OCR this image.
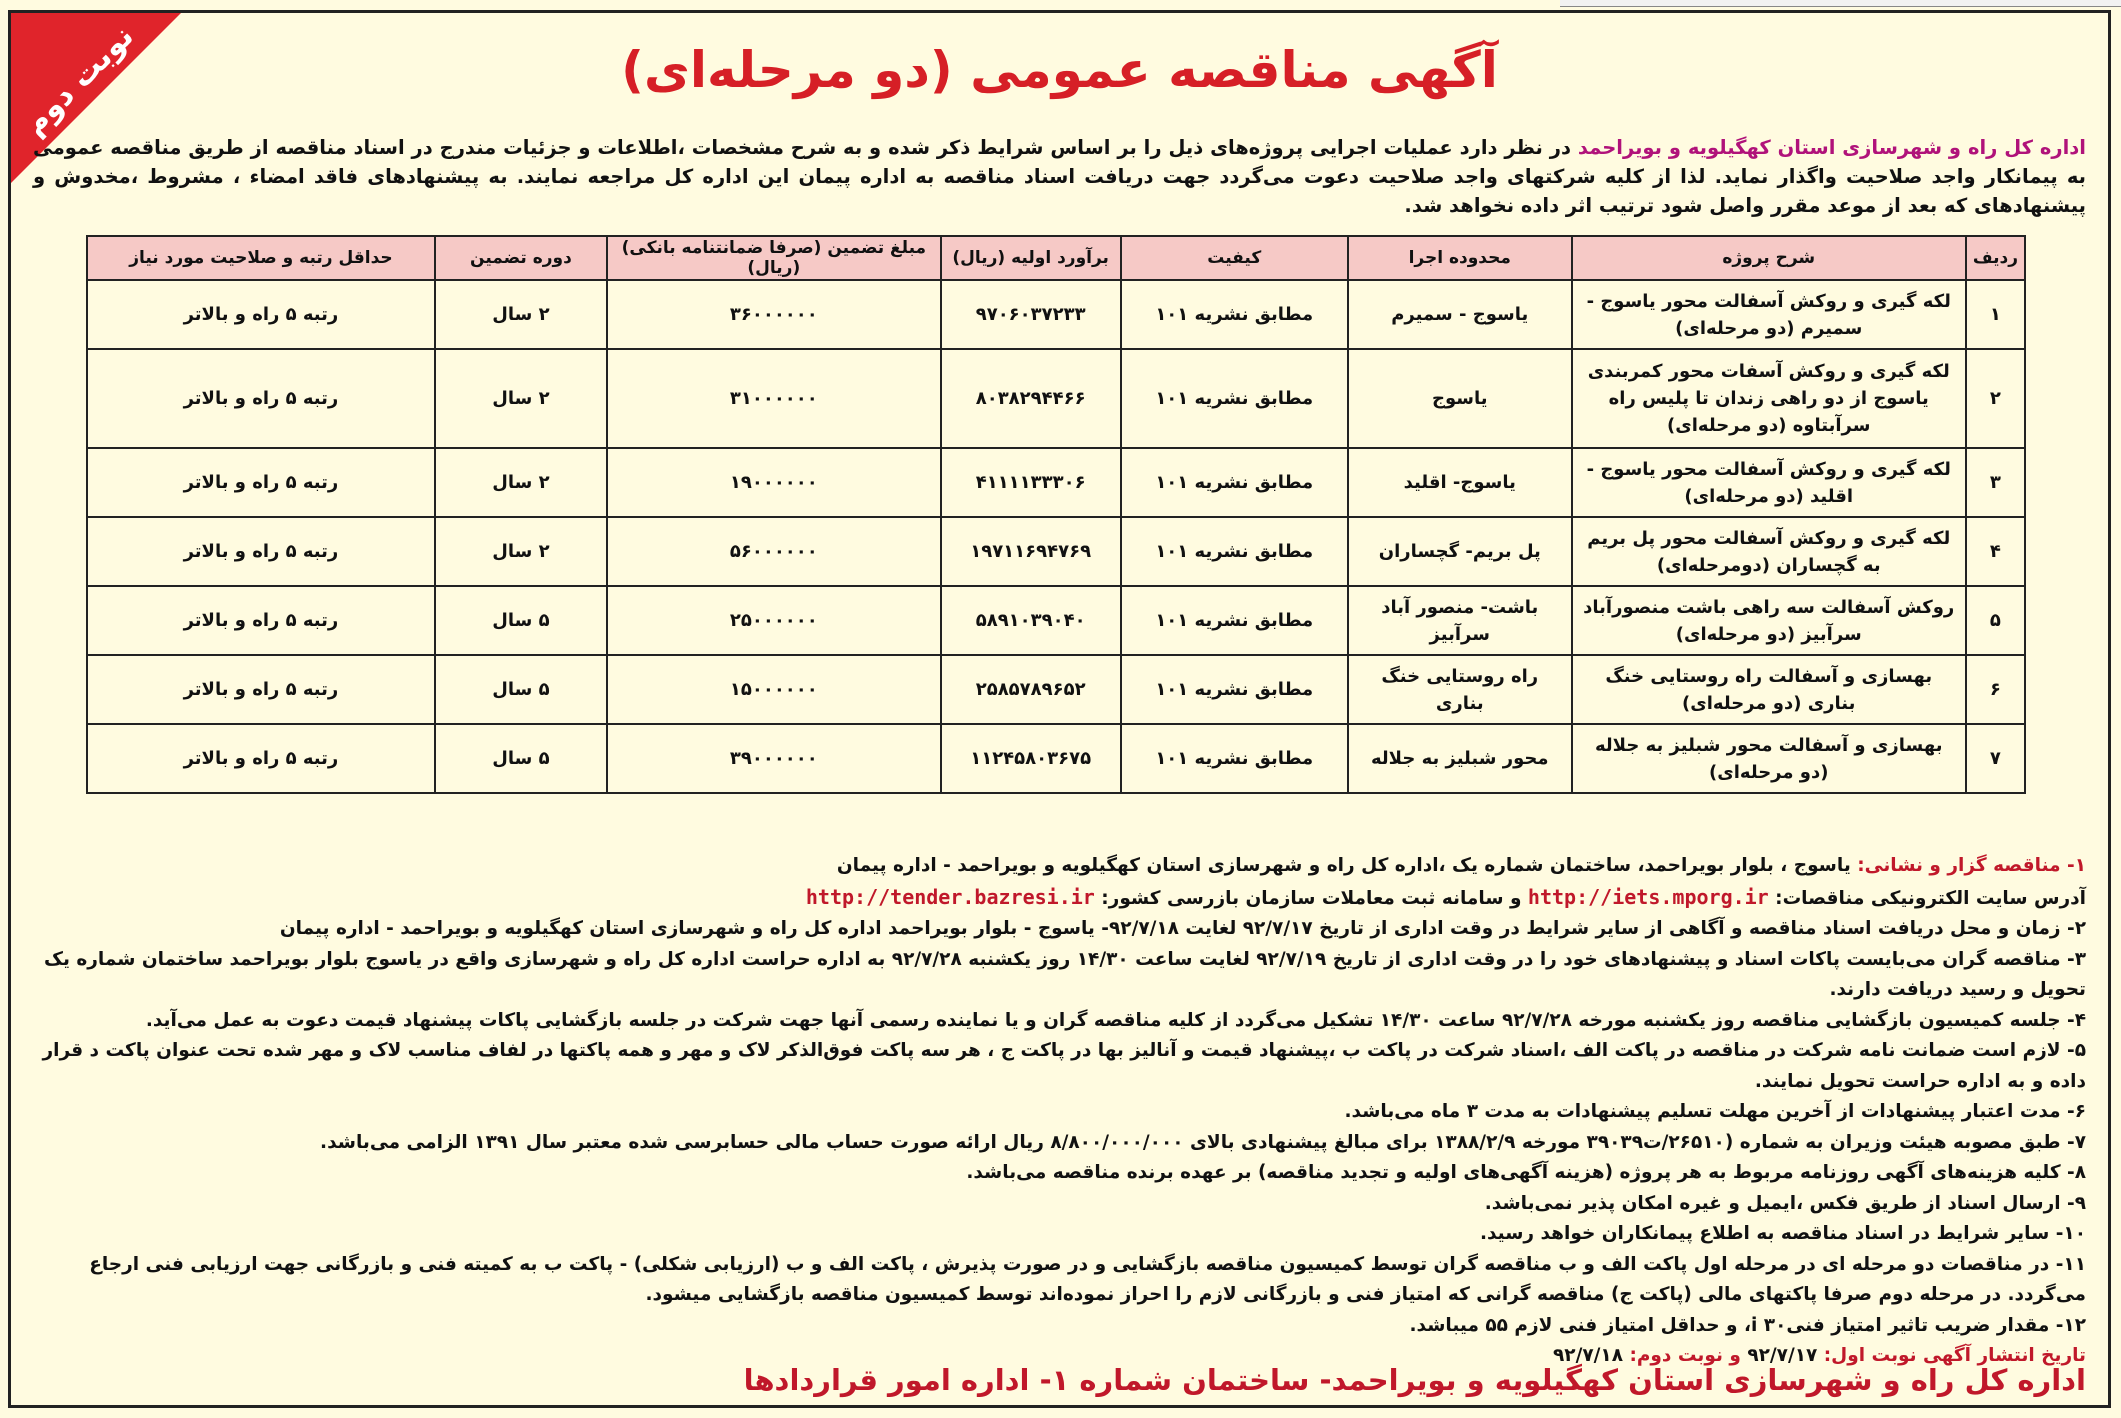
نوبت دوم	آگهی مناقصه عمومی (دو مرحله‌ای)
اداره کل راه و شهرسازی استان کهگیلویه و بویراحمد در نظر دارد عملیات اجرایی پروژه‌های ذیل را بر اساس شرایط ذکر شده و به شرح مشخصات ،اطلاعات و جزئیات مندرج در اسناد مناقصه از طریق مناقصه عمومی به پیمانکار واجد صلاحیت واگذار نماید. لذا از کلیه شرکتهای واجد صلاحیت دعوت می‌گردد جهت دریافت اسناد مناقصه به اداره پیمان این اداره کل مراجعه نمایند. به پیشنهادهای فاقد امضاء ، مشروط ،مخدوش و پیشنهادهای که بعد از موعد مقرر واصل شود ترتیب اثر داده نخواهد شد.
ردیف	شرح پروژه	محدوده اجرا	کیفیت	برآورد اولیه (ریال)	مبلغ تضمین (صرفا ضمانتنامه بانکی) (ریال)	دوره تضمین	حداقل رتبه و صلاحیت مورد نیاز
۱	لکه گیری و روکش آسفالت محور یاسوج - سمیرم (دو مرحله‌ای)	یاسوج - سمیرم	مطابق نشریه ۱۰۱	۹۷۰۶۰۳۷۲۳۳	۳۶۰۰۰۰۰۰	۲ سال	رتبه ۵ راه و بالاتر
۲	لکه گیری و روکش آسفات محور کمربندی یاسوج از دو راهی زندان تا پلیس راه سرآبتاوه (دو مرحله‌ای)	یاسوج	مطابق نشریه ۱۰۱	۸۰۳۸۲۹۴۴۶۶	۳۱۰۰۰۰۰۰	۲ سال	رتبه ۵ راه و بالاتر
۳	لکه گیری و روکش آسفالت محور یاسوج - اقلید (دو مرحله‌ای)	یاسوج- اقلید	مطابق نشریه ۱۰۱	۴۱۱۱۱۳۳۳۰۶	۱۹۰۰۰۰۰۰	۲ سال	رتبه ۵ راه و بالاتر
۴	لکه گیری و روکش آسفالت محور پل بریم به گچساران (دومرحله‌ای)	پل بریم- گچساران	مطابق نشریه ۱۰۱	۱۹۷۱۱۶۹۴۷۶۹	۵۶۰۰۰۰۰۰	۲ سال	رتبه ۵ راه و بالاتر
۵	روکش آسفالت سه راهی باشت منصورآباد سرآبیز (دو مرحله‌ای)	باشت- منصور آباد سرآبیز	مطابق نشریه ۱۰۱	۵۸۹۱۰۳۹۰۴۰	۲۵۰۰۰۰۰۰	۵ سال	رتبه ۵ راه و بالاتر
۶	بهسازی و آسفالت راه روستایی خنگ بناری (دو مرحله‌ای)	راه روستایی خنگ بناری	مطابق نشریه ۱۰۱	۲۵۸۵۷۸۹۶۵۲	۱۵۰۰۰۰۰۰	۵ سال	رتبه ۵ راه و بالاتر
۷	بهسازی و آسفالت محور شبلیز به جلاله (دو مرحله‌ای)	محور شبلیز به جلاله	مطابق نشریه ۱۰۱	۱۱۲۴۵۸۰۳۶۷۵	۳۹۰۰۰۰۰۰	۵ سال	رتبه ۵ راه و بالاتر

۱- مناقصه گزار و نشانی: یاسوج ، بلوار بویراحمد، ساختمان شماره یک ،اداره کل راه و شهرسازی استان کهگیلویه و بویراحمد - اداره پیمان

آدرس سایت الکترونیکی مناقصات: http://iets.mporg.ir و سامانه ثبت معاملات سازمان بازرسی کشور: http://tender.bazresi.ir

۲- زمان و محل دریافت اسناد مناقصه و آگاهی از سایر شرایط در وقت اداری از تاریخ ۹۲/۷/۱۷ لغایت ۹۲/۷/۱۸- یاسوج - بلوار بویراحمد اداره کل راه و شهرسازی استان کهگیلویه و بویراحمد - اداره پیمان

۳- مناقصه گران می‌بایست پاکات اسناد و پیشنهادهای خود را در وقت اداری از تاریخ ۹۲/۷/۱۹ لغایت ساعت ۱۴/۳۰ روز یکشنبه ۹۲/۷/۲۸ به اداره حراست اداره کل راه و شهرسازی واقع در یاسوج بلوار بویراحمد ساختمان شماره یک تحویل و رسید دریافت دارند.

۴- جلسه کمیسیون بازگشایی مناقصه روز یکشنبه مورخه ۹۲/۷/۲۸ ساعت ۱۴/۳۰ تشکیل می‌گردد از کلیه مناقصه گران و یا نماینده رسمی آنها جهت شرکت در جلسه بازگشایی پاکات پیشنهاد قیمت دعوت به عمل می‌آید.

۵- لازم است ضمانت نامه شرکت در مناقصه در پاکت الف ،اسناد شرکت در پاکت ب ،پیشنهاد قیمت و آنالیز بها در پاکت ج ، هر سه پاکت فوق‌الذکر لاک و مهر و همه پاکتها در لفاف مناسب لاک و مهر شده تحت عنوان پاکت د قرار داده و به اداره حراست تحویل نمایند.

۶- مدت اعتبار پیشنهادات از آخرین مهلت تسلیم پیشنهادات به مدت ۳ ماه می‌باشد.

۷- طبق مصوبه هیئت وزیران به شماره (۲۶۵۱۰/ت۳۹۰۳۹ مورخه ۱۳۸۸/۲/۹ برای مبالغ پیشنهادی بالای ۸/۸۰۰/۰۰۰/۰۰۰ ریال ارائه صورت حساب مالی حسابرسی شده معتبر سال ۱۳۹۱ الزامی می‌باشد.

۸- کلیه هزینه‌های آگهی روزنامه مربوط به هر پروژه (هزینه آگهی‌های اولیه و تجدید مناقصه) بر عهده برنده مناقصه می‌باشد.

۹- ارسال اسناد از طریق فکس ،ایمیل و غیره امکان پذیر نمی‌باشد.

۱۰- سایر شرایط در اسناد مناقصه به اطلاع پیمانکاران خواهد رسید.

۱۱- در مناقصات دو مرحله ای در مرحله اول پاکت الف و ب مناقصه گران توسط کمیسیون مناقصه بازگشایی و در صورت پذیرش ، پاکت الف و ب (ارزیابی شکلی) - پاکت ب به کمیته فنی و بازرگانی جهت ارزیابی فنی ارجاع می‌گردد. در مرحله دوم صرفا پاکتهای مالی (پاکت ج) مناقصه گرانی که امتیاز فنی و بازرگانی لازم را احراز نموده‌اند توسط کمیسیون مناقصه بازگشایی میشود.

۱۲- مقدار ضریب تاثیر امتیاز فنیi ۳۰، و حداقل امتیاز فنی لازم ۵۵ میباشد.

تاریخ انتشار آگهی نوبت اول: ۹۲/۷/۱۷ و نوبت دوم: ۹۲/۷/۱۸

اداره کل راه و شهرسازی استان کهگیلویه و بویراحمد- ساختمان شماره ۱- اداره امور قراردادها
